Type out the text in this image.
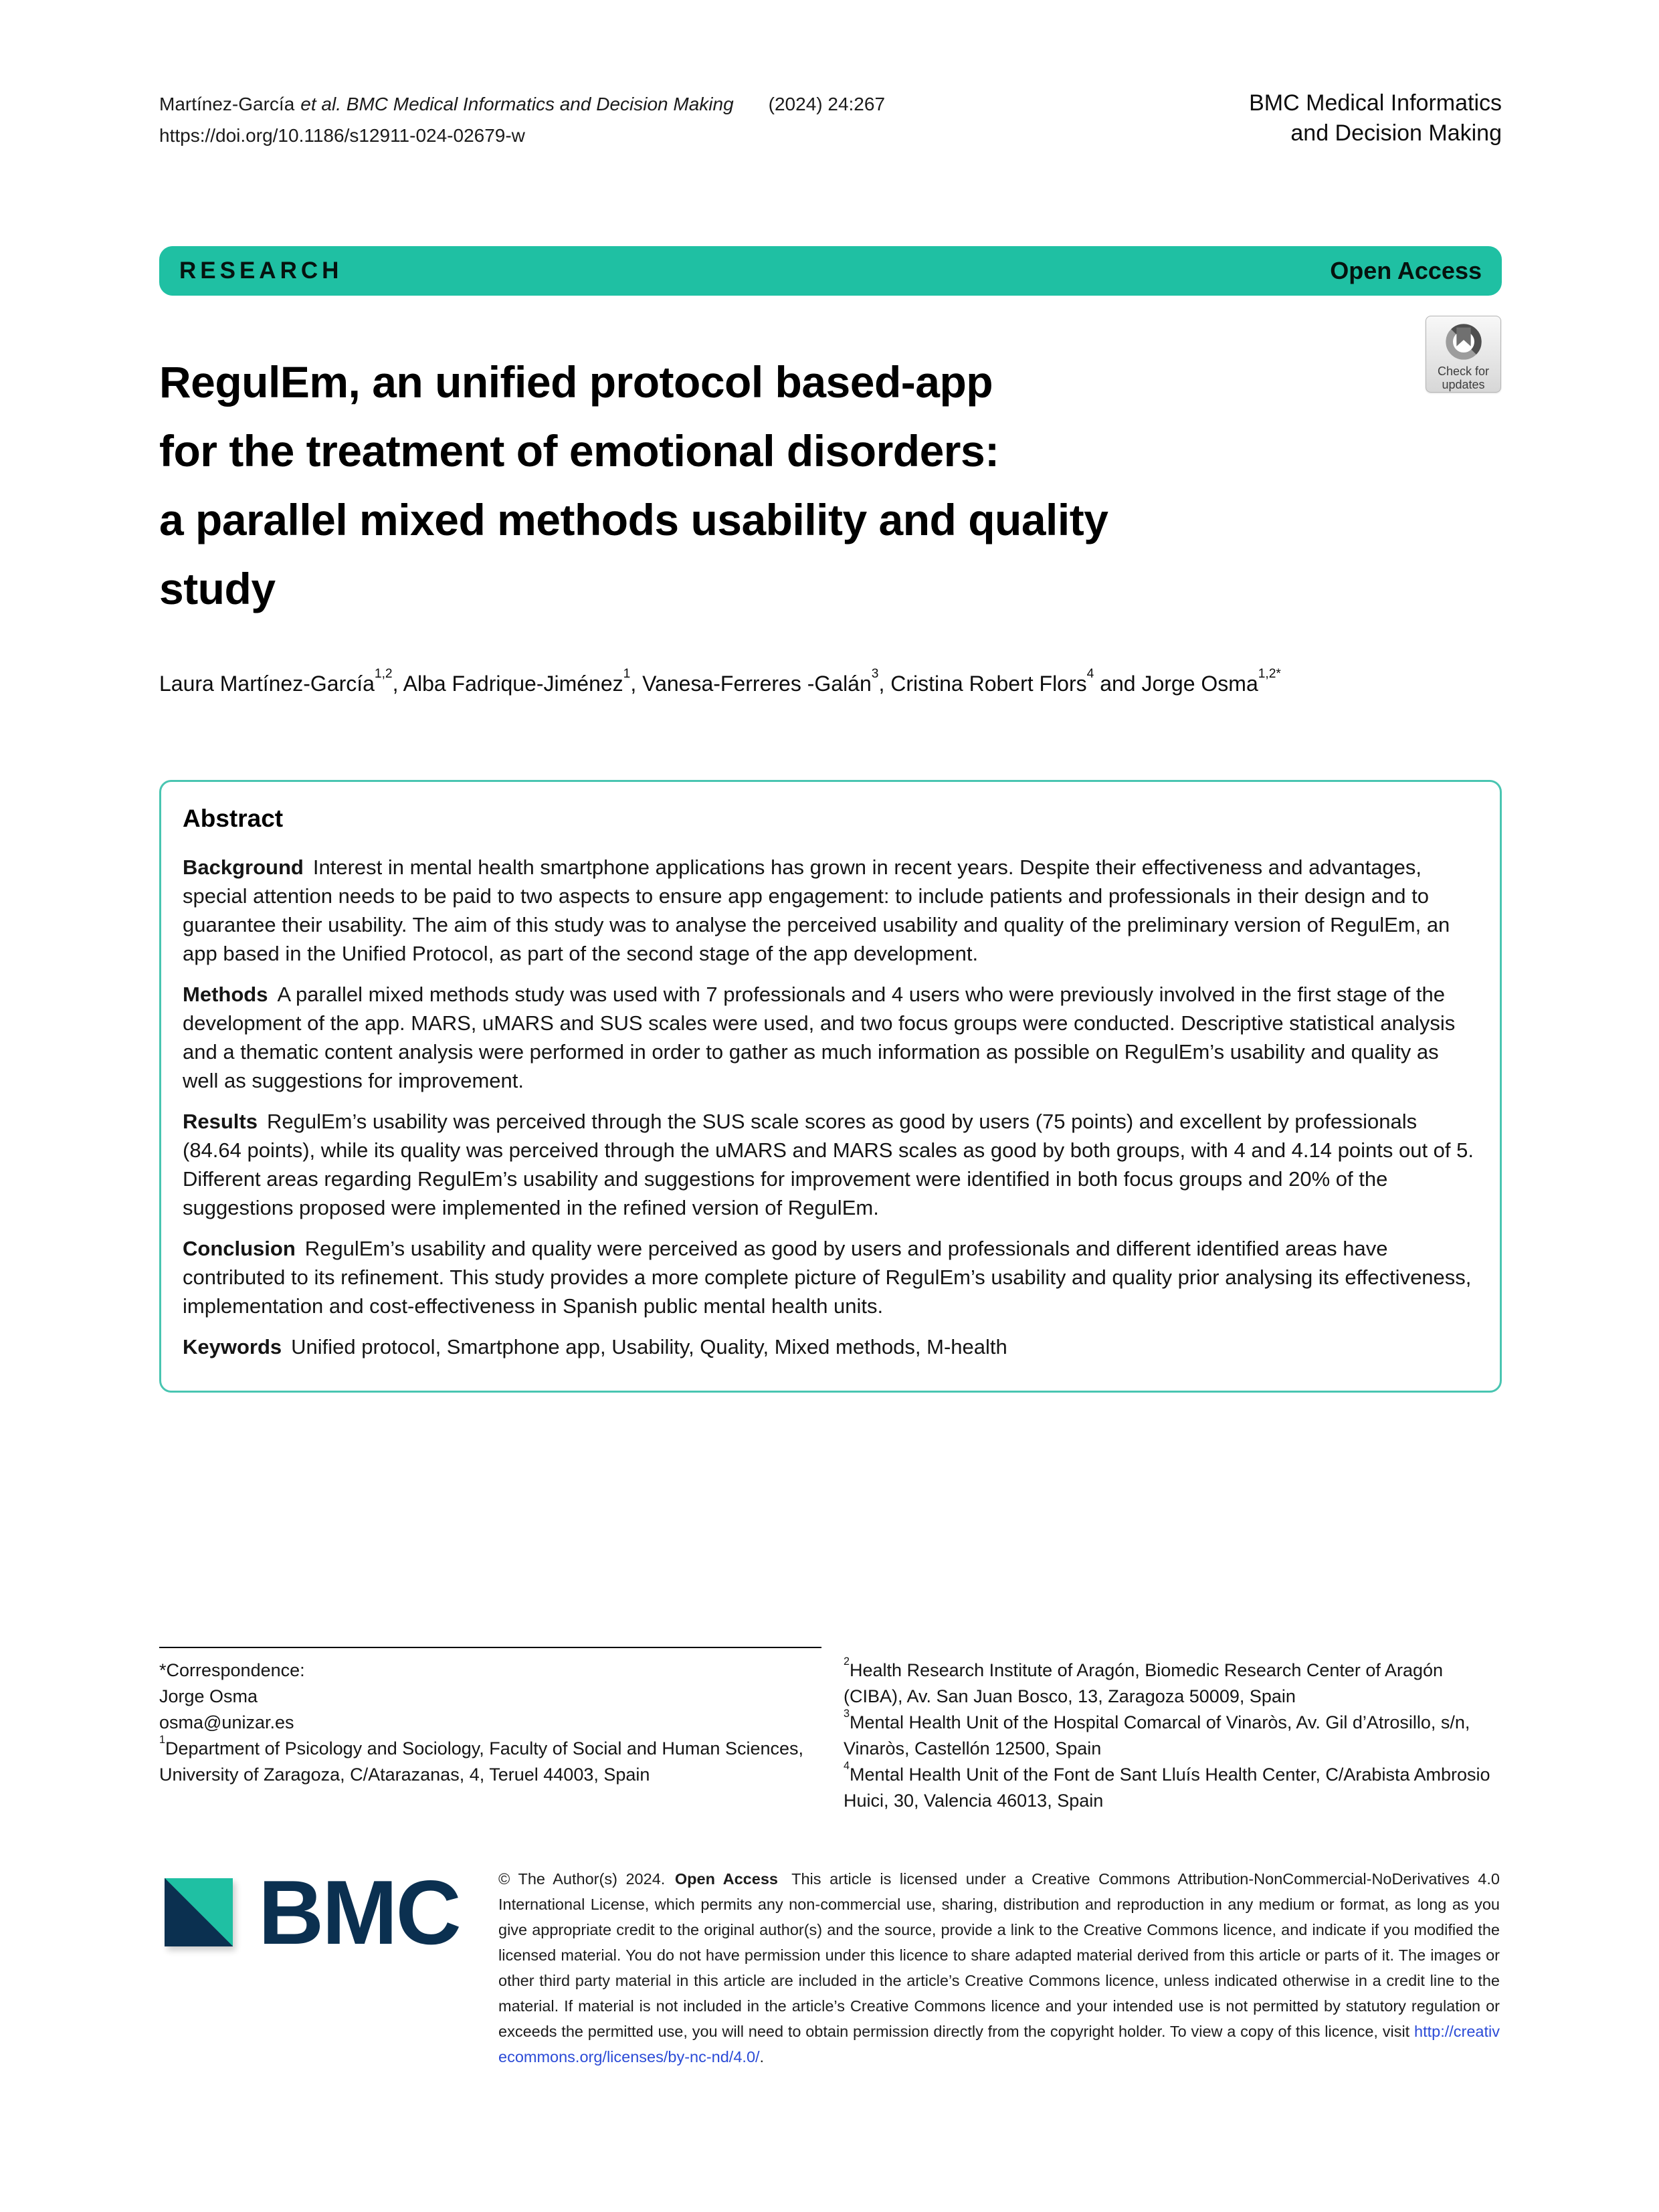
Martínez-García et al. BMC Medical Informatics and Decision Making (2024) 24:267
https://doi.org/10.1186/s12911-024-02679-w
BMC Medical Informatics
and Decision Making
RESEARCH	Open Access
Check for
updates
RegulEm, an unified protocol based-app
for the treatment of emotional disorders:
a parallel mixed methods usability and quality
study
Laura Martínez-García$^{1,2}$, Alba Fadrique-Jiménez$^1$, Vanesa-Ferreres -Galán$^3$, Cristina Robert Flors$^4$ and Jorge Osma$^{1,2*}$
Abstract

Background Interest in mental health smartphone applications has grown in recent years. Despite their effectiveness and advantages, special attention needs to be paid to two aspects to ensure app engagement: to include patients and professionals in their design and to guarantee their usability. The aim of this study was to analyse the perceived usability and quality of the preliminary version of RegulEm, an app based in the Unified Protocol, as part of the second stage of the app development.

Methods A parallel mixed methods study was used with 7 professionals and 4 users who were previously involved in the first stage of the development of the app. MARS, uMARS and SUS scales were used, and two focus groups were conducted. Descriptive statistical analysis and a thematic content analysis were performed in order to gather as much information as possible on RegulEm’s usability and quality as well as suggestions for improvement.

Results RegulEm’s usability was perceived through the SUS scale scores as good by users (75 points) and excellent by professionals (84.64 points), while its quality was perceived through the uMARS and MARS scales as good by both groups, with 4 and 4.14 points out of 5. Different areas regarding RegulEm’s usability and suggestions for improvement were identified in both focus groups and 20% of the suggestions proposed were implemented in the refined version of RegulEm.

Conclusion RegulEm’s usability and quality were perceived as good by users and professionals and different identified areas have contributed to its refinement. This study provides a more complete picture of RegulEm’s usability and quality prior analysing its effectiveness, implementation and cost-effectiveness in Spanish public mental health units.

Keywords Unified protocol, Smartphone app, Usability, Quality, Mixed methods, M-health

*Correspondence:
Jorge Osma
osma@unizar.es
$^1$Department of Psicology and Sociology, Faculty of Social and Human Sciences, University of Zaragoza, C/Atarazanas, 4, Teruel 44003, Spain
$^2$Health Research Institute of Aragón, Biomedic Research Center of Aragón (CIBA), Av. San Juan Bosco, 13, Zaragoza 50009, Spain
$^3$Mental Health Unit of the Hospital Comarcal of Vinaròs, Av. Gil d’Atrosillo, s/n, Vinaròs, Castellón 12500, Spain
$^4$Mental Health Unit of the Font de Sant Lluís Health Center, C/Arabista Ambrosio Huici, 30, Valencia 46013, Spain
BMC © The Author(s) 2024. Open Access This article is licensed under a Creative Commons Attribution-NonCommercial-NoDerivatives 4.0 International License, which permits any non-commercial use, sharing, distribution and reproduction in any medium or format, as long as you give appropriate credit to the original author(s) and the source, provide a link to the Creative Commons licence, and indicate if you modified the licensed material. You do not have permission under this licence to share adapted material derived from this article or parts of it. The images or other third party material in this article are included in the article’s Creative Commons licence, unless indicated otherwise in a credit line to the material. If material is not included in the article’s Creative Commons licence and your intended use is not permitted by statutory regulation or exceeds the permitted use, you will need to obtain permission directly from the copyright holder. To view a copy of this licence, visit http://creativecommons.org/licenses/by-nc-nd/4.0/.
